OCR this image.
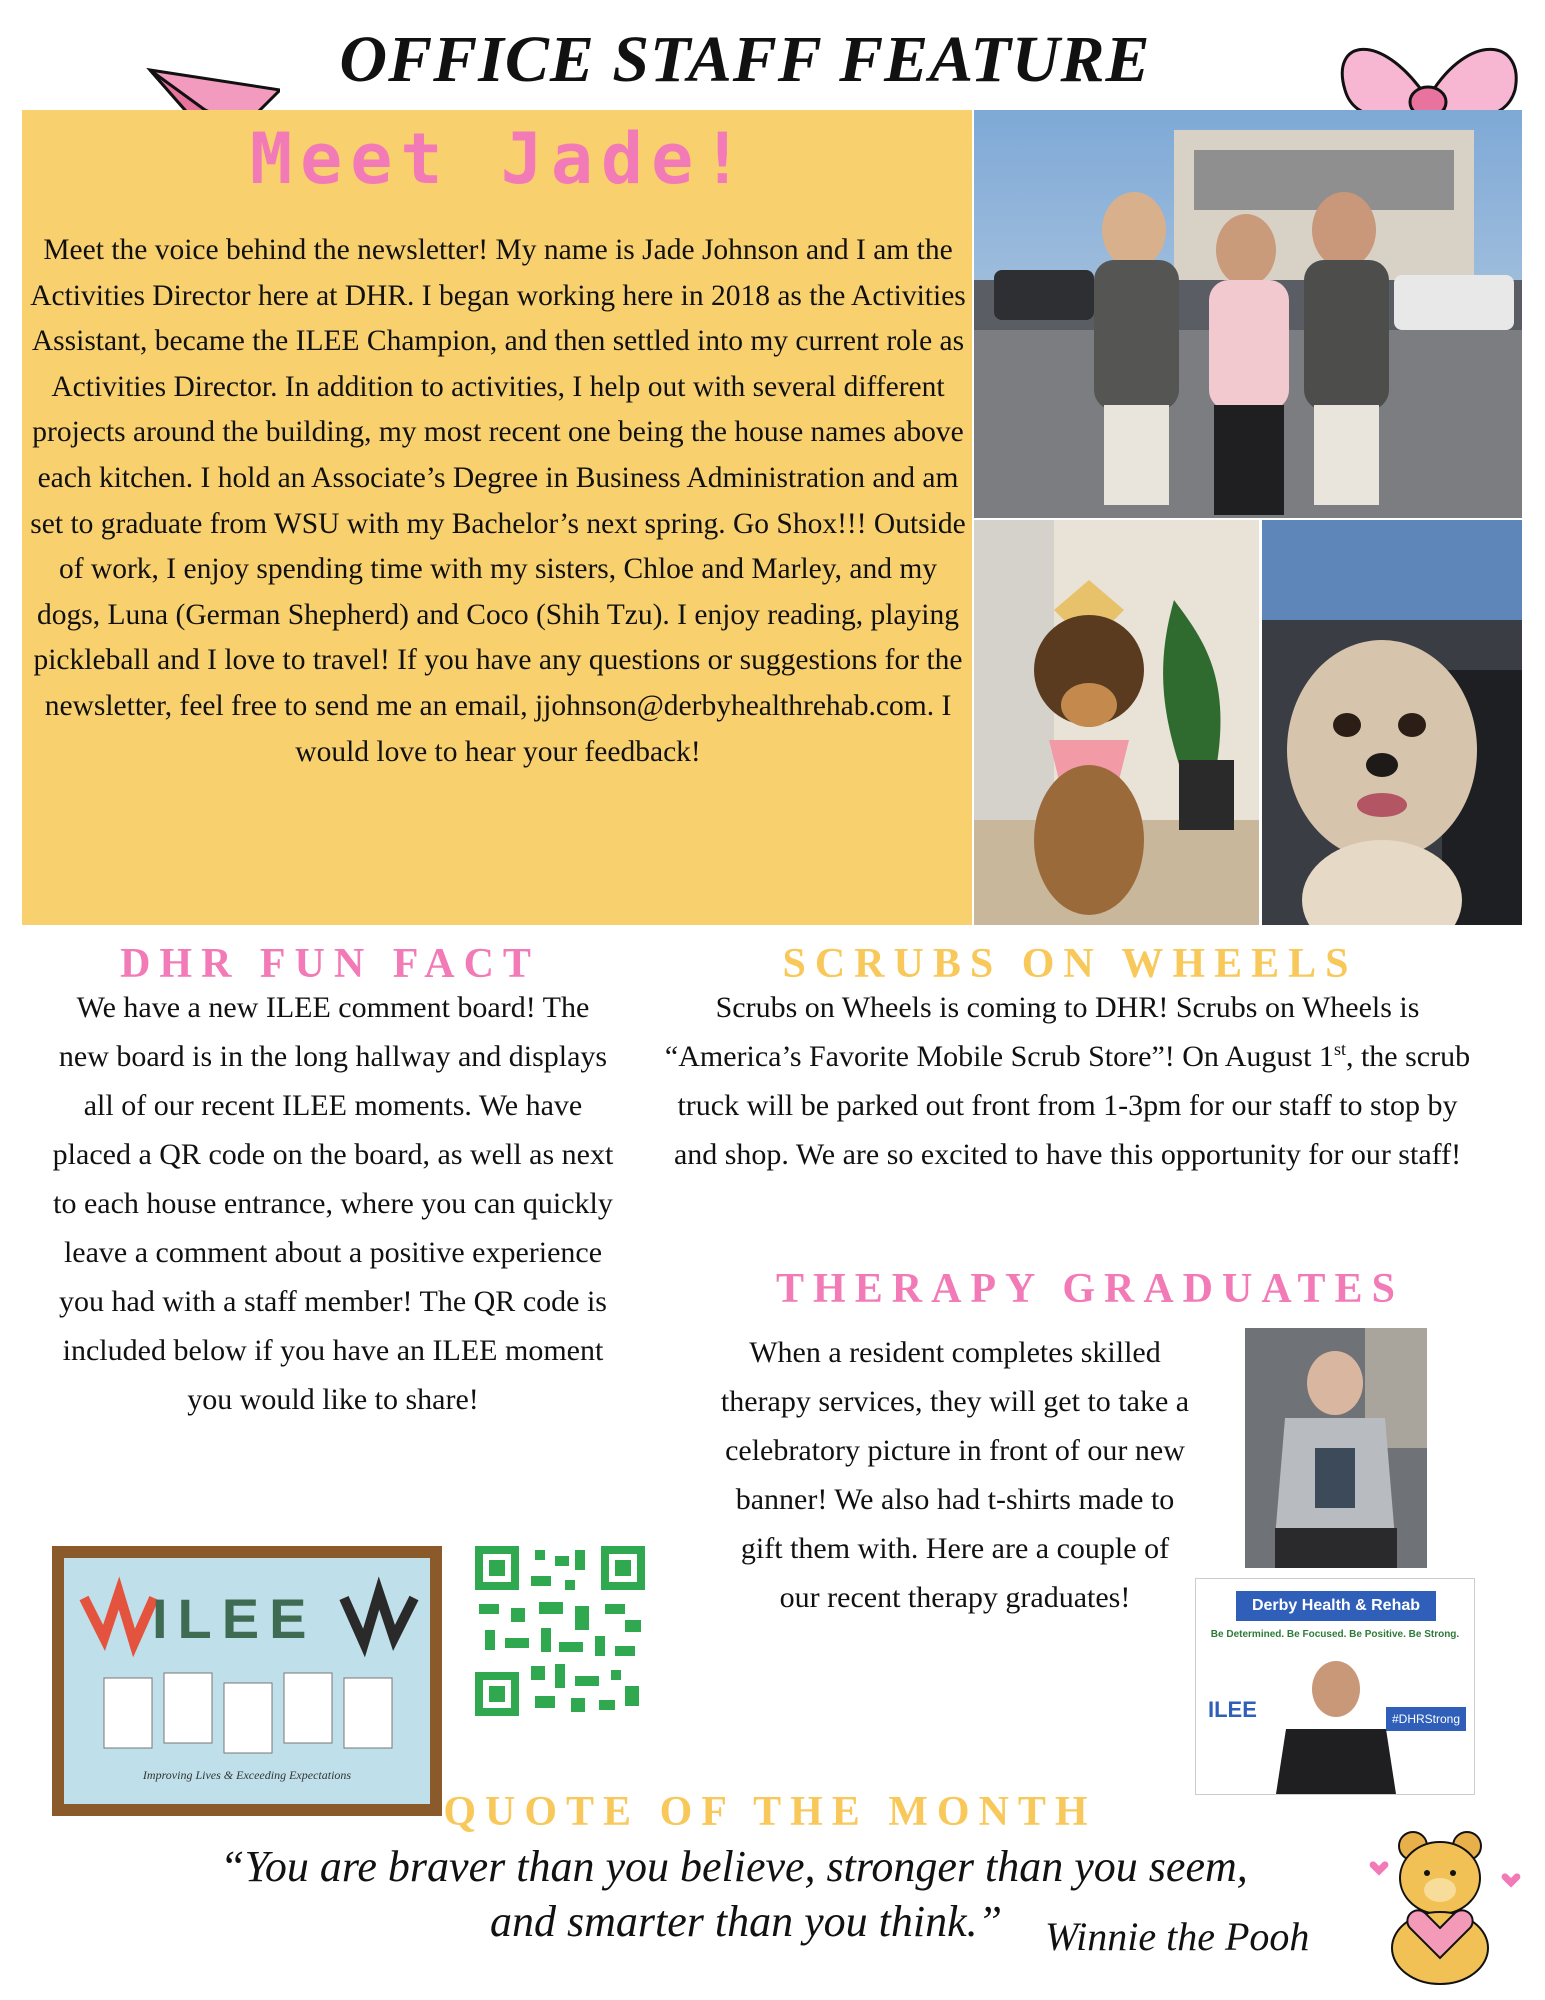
OFFICE STAFF FEATURE
Meet Jade!
Meet the voice behind the newsletter! My name is Jade Johnson and I am the Activities Director here at DHR. I began working here in 2018 as the Activities Assistant, became the ILEE Champion, and then settled into my current role as Activities Director. In addition to activities, I help out with several different projects around the building, my most recent one being the house names above each kitchen. I hold an Associate’s Degree in Business Administration and am set to graduate from WSU with my Bachelor’s next spring. Go Shox!!! Outside of work, I enjoy spending time with my sisters, Chloe and Marley, and my dogs, Luna (German Shepherd) and Coco (Shih Tzu). I enjoy reading, playing pickleball and I love to travel! If you have any questions or suggestions for the newsletter, feel free to send me an email, jjohnson@derbyhealthrehab.com. I would love to hear your feedback!
DHR FUN FACT
We have a new ILEE comment board! The new board is in the long hallway and displays all of our recent ILEE moments. We have placed a QR code on the board, as well as next to each house entrance, where you can quickly leave a comment about a positive experience you had with a staff member! The QR code is included below if you have an ILEE moment you would like to share!
ILEE
Improving Lives & Exceeding Expectations
SCRUBS ON WHEELS
Scrubs on Wheels is coming to DHR! Scrubs on Wheels is “America’s Favorite Mobile Scrub Store”! On August 1st, the scrub truck will be parked out front from 1-3pm for our staff to stop by and shop. We are so excited to have this opportunity for our staff!
THERAPY GRADUATES
When a resident completes skilled therapy services, they will get to take a celebratory picture in front of our new banner! We also had t-shirts made to gift them with. Here are a couple of our recent therapy graduates!	Derby Health & Rehab
Be Determined. Be Focused. Be Positive. Be Strong.
ILEE	#DHRStrong
QUOTE OF THE MONTH
“You are braver than you believe, stronger than you seem,
and smarter than you think.”	Winnie the Pooh
